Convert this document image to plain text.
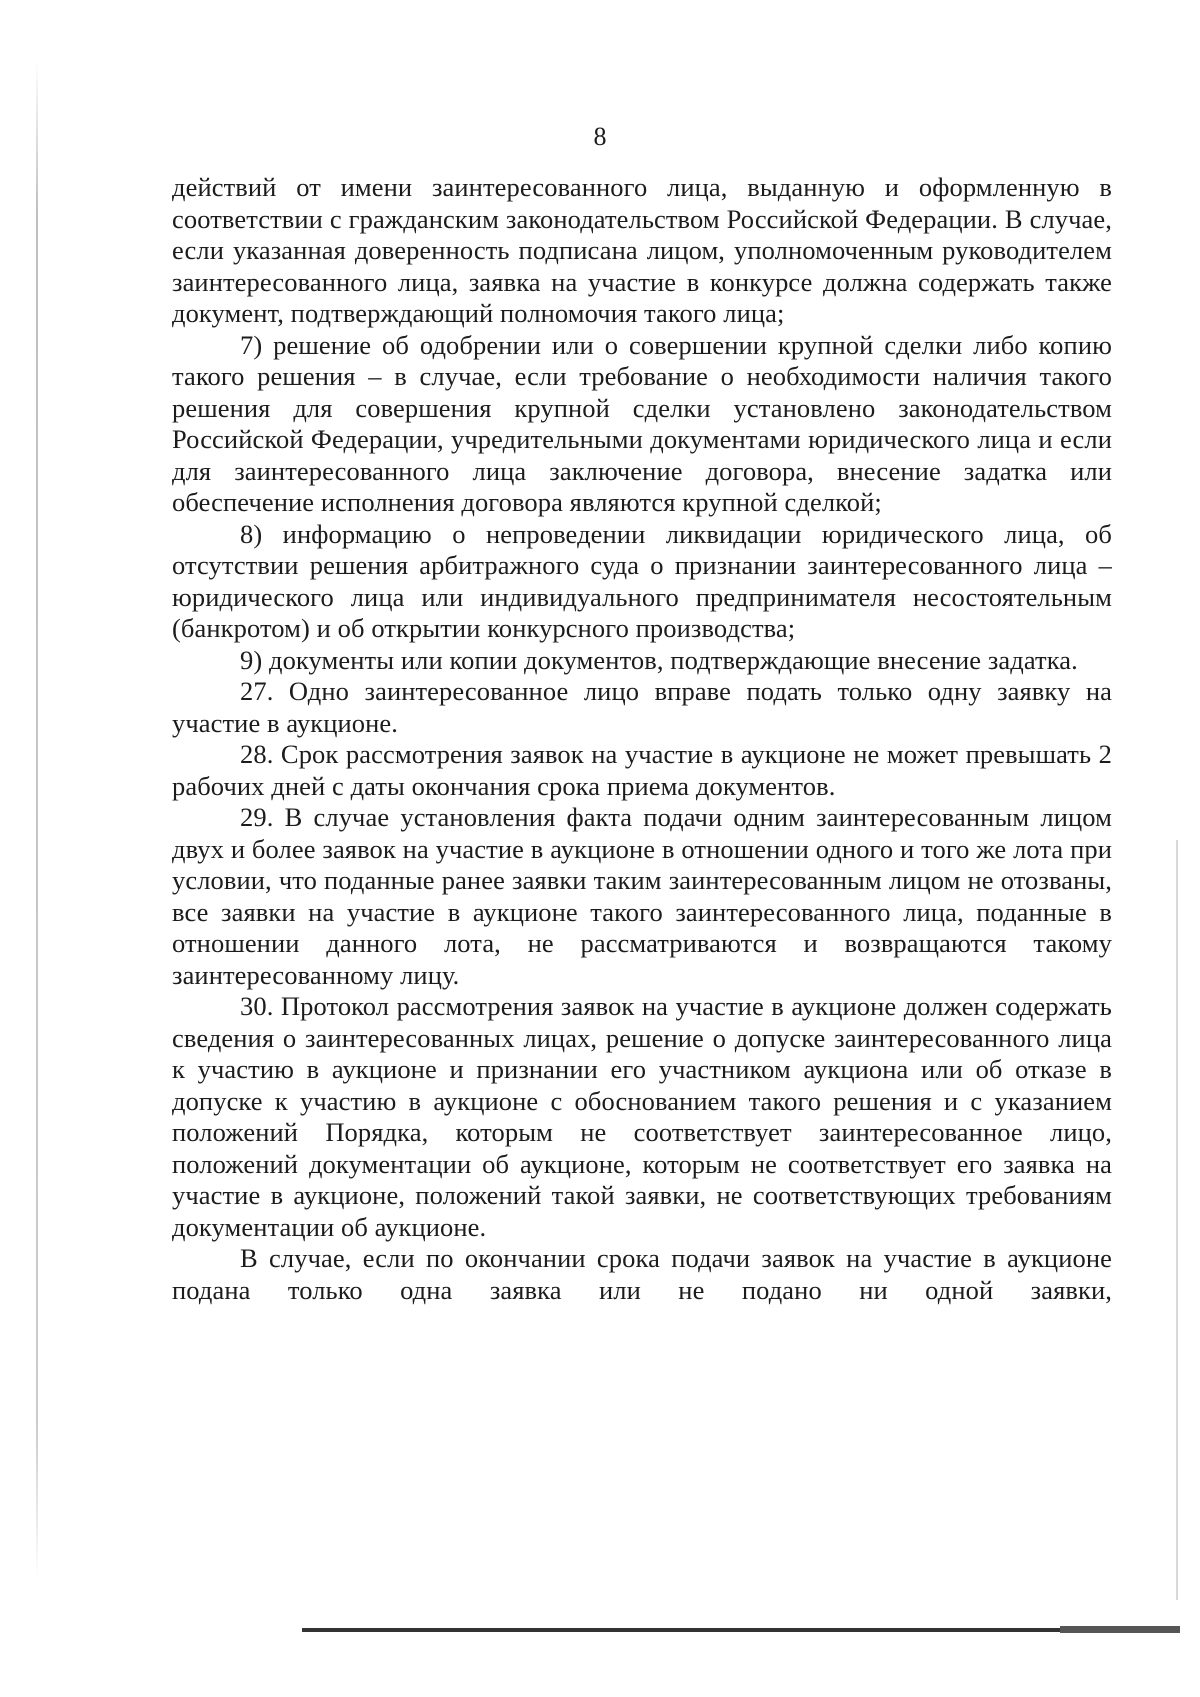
8

действий от имени заинтересованного лица, выданную и оформленную в соответствии с гражданским законодательством Российской Федерации. В случае, если указанная доверенность подписана лицом, уполномоченным руководителем заинтересованного лица, заявка на участие в конкурсе должна содержать также документ, подтверждающий полномочия такого лица;

7) решение об одобрении или о совершении крупной сделки либо копию такого решения – в случае, если требование о необходимости наличия такого решения для совершения крупной сделки установлено законодательством Российской Федерации, учредительными документами юридического лица и если для заинтересованного лица заключение договора, внесение задатка или обеспечение исполнения договора являются крупной сделкой;

8) информацию о непроведении ликвидации юридического лица, об отсутствии решения арбитражного суда о признании заинтересованного лица – юридического лица или индивидуального предпринимателя несостоятельным (банкротом) и об открытии конкурсного производства;

9) документы или копии документов, подтверждающие внесение задатка.

27. Одно заинтересованное лицо вправе подать только одну заявку на участие в аукционе.

28. Срок рассмотрения заявок на участие в аукционе не может превышать 2 рабочих дней с даты окончания срока приема документов.

29. В случае установления факта подачи одним заинтересованным лицом двух и более заявок на участие в аукционе в отношении одного и того же лота при условии, что поданные ранее заявки таким заинтересованным лицом не отозваны, все заявки на участие в аукционе такого заинтересованного лица, поданные в отношении данного лота, не рассматриваются и возвращаются такому заинтересованному лицу.

30. Протокол рассмотрения заявок на участие в аукционе должен содержать сведения о заинтересованных лицах, решение о допуске заинтересованного лица к участию в аукционе и признании его участником аукциона или об отказе в допуске к участию в аукционе с обоснованием такого решения и с указанием положений Порядка, которым не соответствует заинтересованное лицо, положений документации об аукционе, которым не соответствует его заявка на участие в аукционе, положений такой заявки, не соответствующих требованиям документации об аукционе.

В случае, если по окончании срока подачи заявок на участие в аукционе подана только одна заявка или не подано ни одной заявки,
